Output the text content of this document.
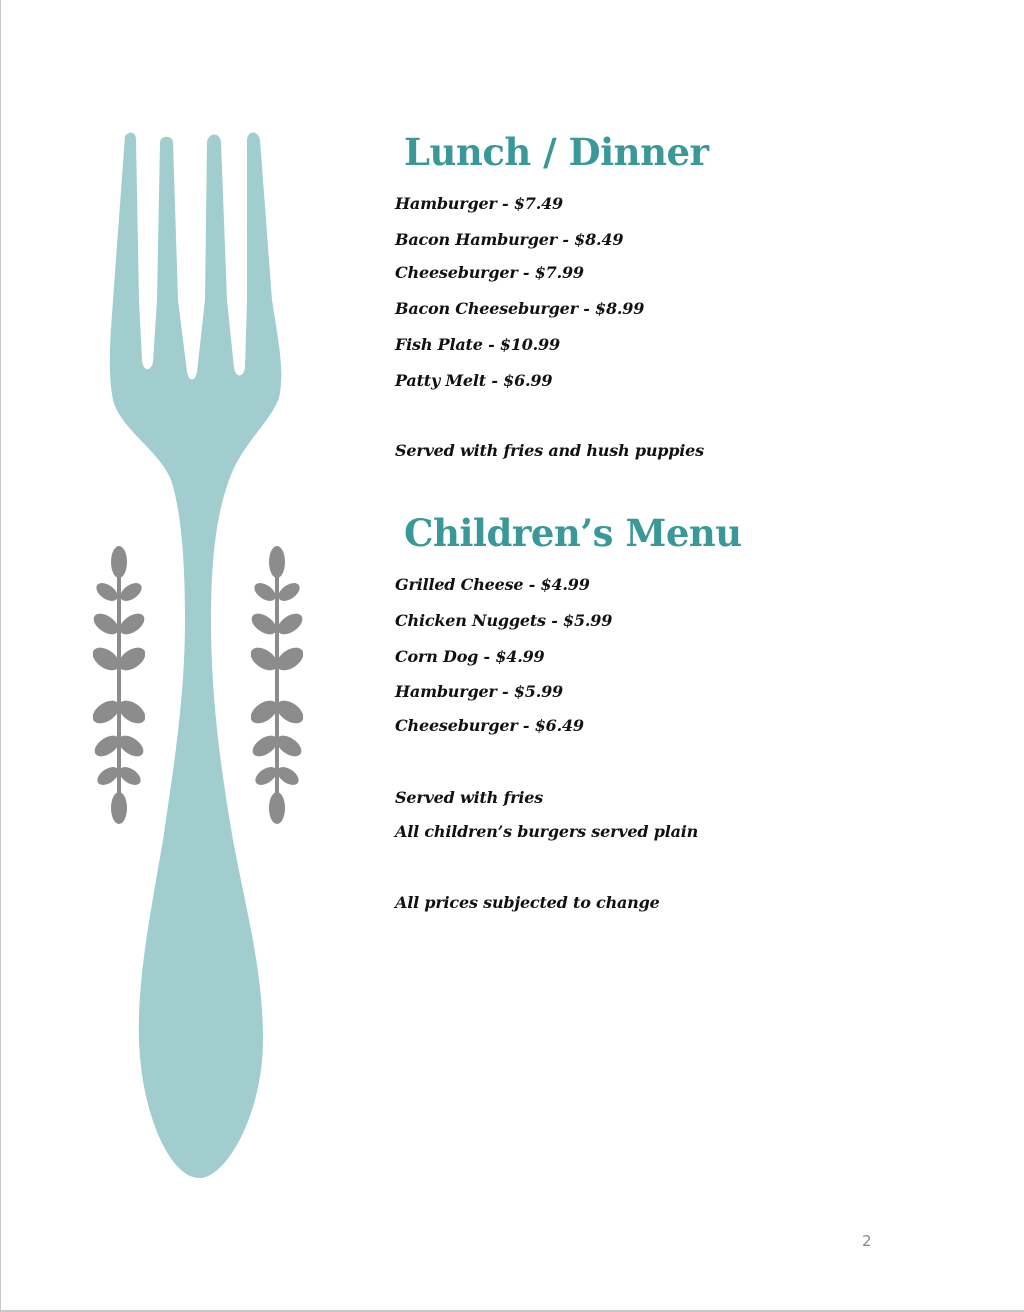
Lunch / Dinner
Hamburger - $7.49
Bacon Hamburger - $8.49
Cheeseburger - $7.99
Bacon Cheeseburger - $8.99
Fish Plate - $10.99
Patty Melt - $6.99
Served with fries and hush puppies
Children’s Menu
Grilled Cheese - $4.99
Chicken Nuggets - $5.99
Corn Dog - $4.99
Hamburger - $5.99
Cheeseburger - $6.49
Served with fries
All children’s burgers served plain
All prices subjected to change
2
